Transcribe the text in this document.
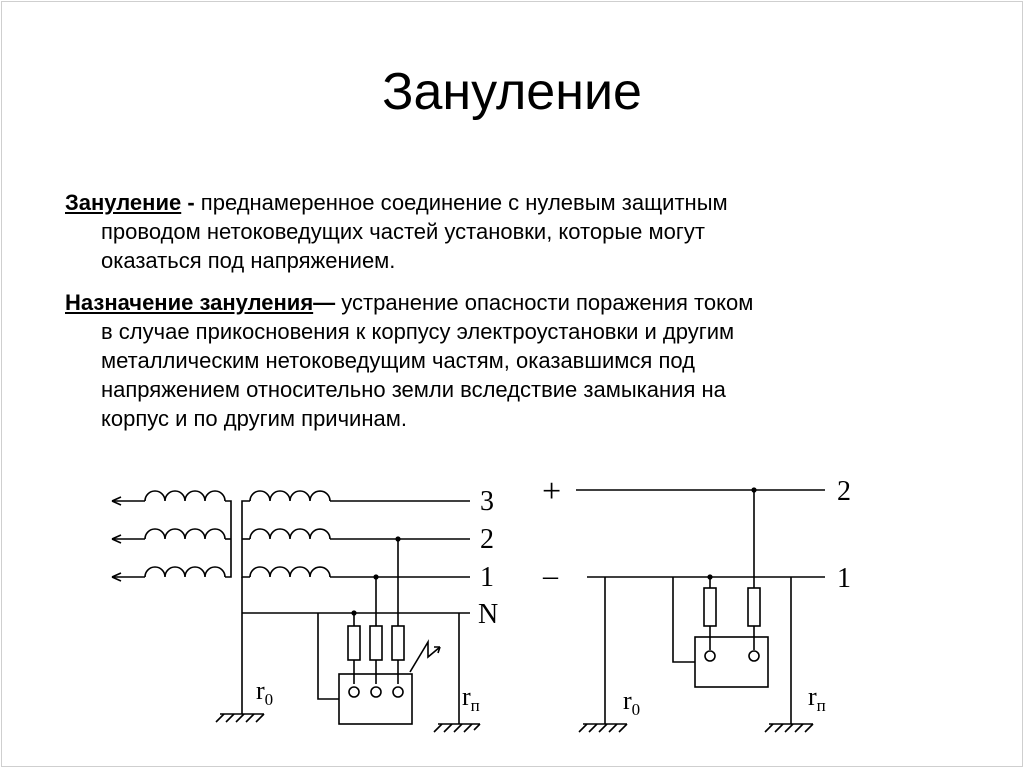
Зануление

Зануление - преднамеренное соединение с нулевым защитным
проводом нетоковедущих частей установки, которые могут
оказаться под напряжением.

Назначение зануления— устранение опасности поражения током
в случае прикосновения к корпусу электроустановки и другим
металлическим нетоковедущим частям, оказавшимся под
напряжением относительно земли вследствие замыкания на
корпус и по другим причинам.

3
2
1
N
$r_0$	$r_п$
+
–
2
1
$r_0$	$r_п$
